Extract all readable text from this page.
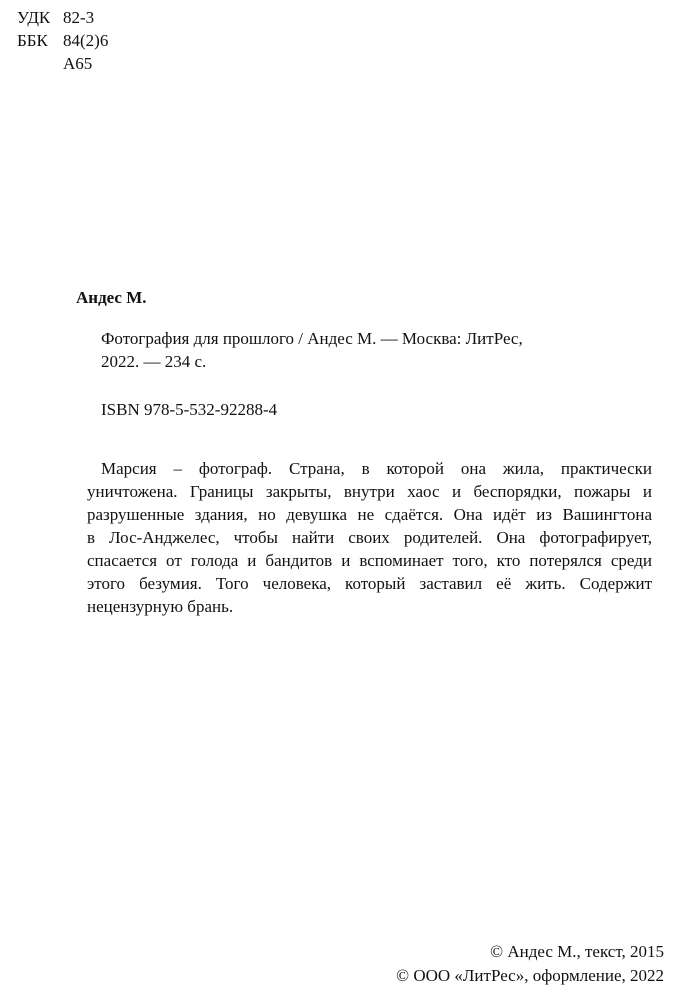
УДК 82-3
ББК 84(2)6
А65
Андес М.
Фотография для прошлого / Андес М. — Москва: ЛитРес,
2022. — 234 с.
ISBN 978-5-532-92288-4
Марсия – фотограф. Страна, в которой она жила, практически
уничтожена. Границы закрыты, внутри хаос и беспорядки, пожары и
разрушенные здания, но девушка не сдаётся. Она идёт из Вашингтона
в Лос-Анджелес, чтобы найти своих родителей. Она фотографирует,
спасается от голода и бандитов и вспоминает того, кто потерялся среди
этого безумия. Того человека, который заставил её жить. Содержит
нецензурную брань.
© Андес М., текст, 2015
© ООО «ЛитРес», оформление, 2022
